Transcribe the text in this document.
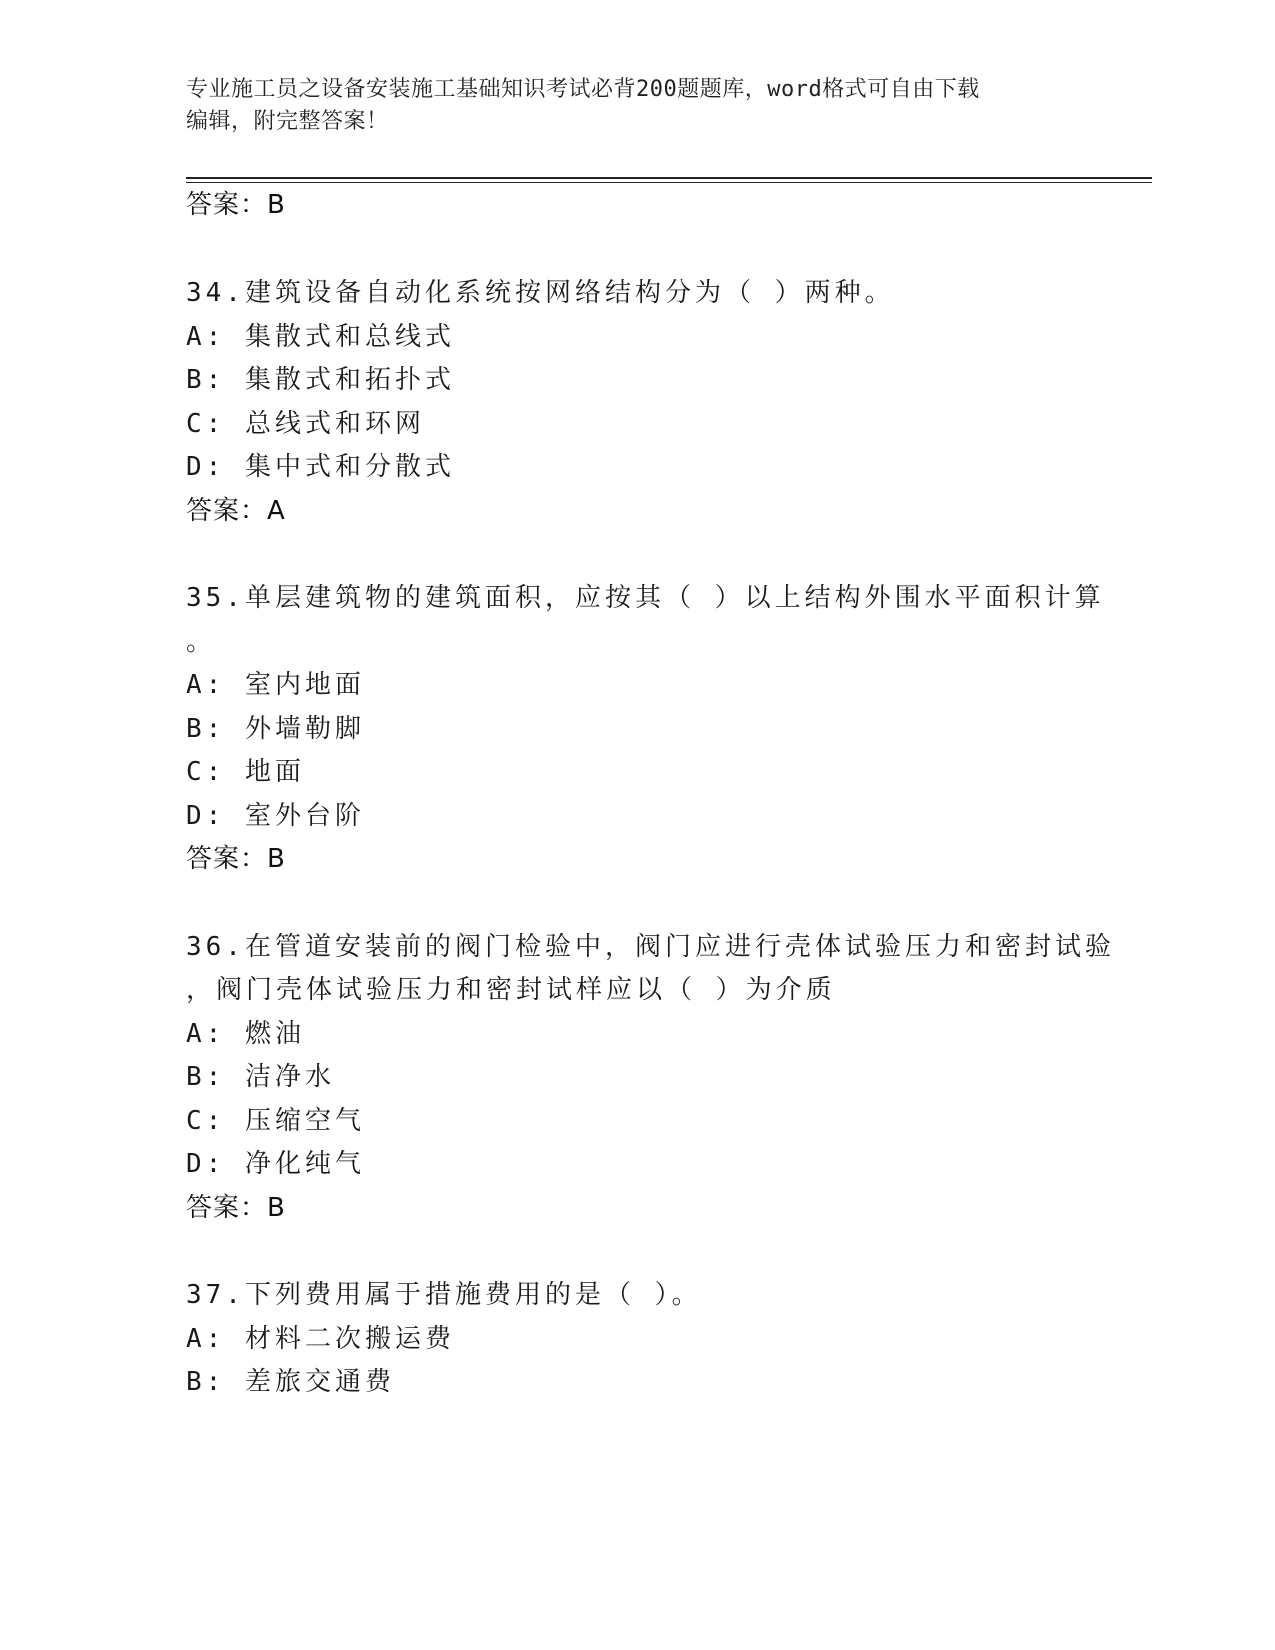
专业施工员之设备安装施工基础知识考试必背200题题库，word格式可自由下载
编辑，附完整答案！
答案：B
34.建筑设备自动化系统按网络结构分为（ ）两种。
A: 集散式和总线式
B: 集散式和拓扑式
C: 总线式和环网
D: 集中式和分散式
答案：A
35.单层建筑物的建筑面积，应按其（ ）以上结构外围水平面积计算
。
A: 室内地面
B: 外墙勒脚
C: 地面
D: 室外台阶
答案：B
36.在管道安装前的阀门检验中，阀门应进行壳体试验压力和密封试验
，阀门壳体试验压力和密封试样应以（ ）为介质
A: 燃油
B: 洁净水
C: 压缩空气
D: 净化纯气
答案：B
37.下列费用属于措施费用的是（ ）。
A: 材料二次搬运费
B: 差旅交通费
